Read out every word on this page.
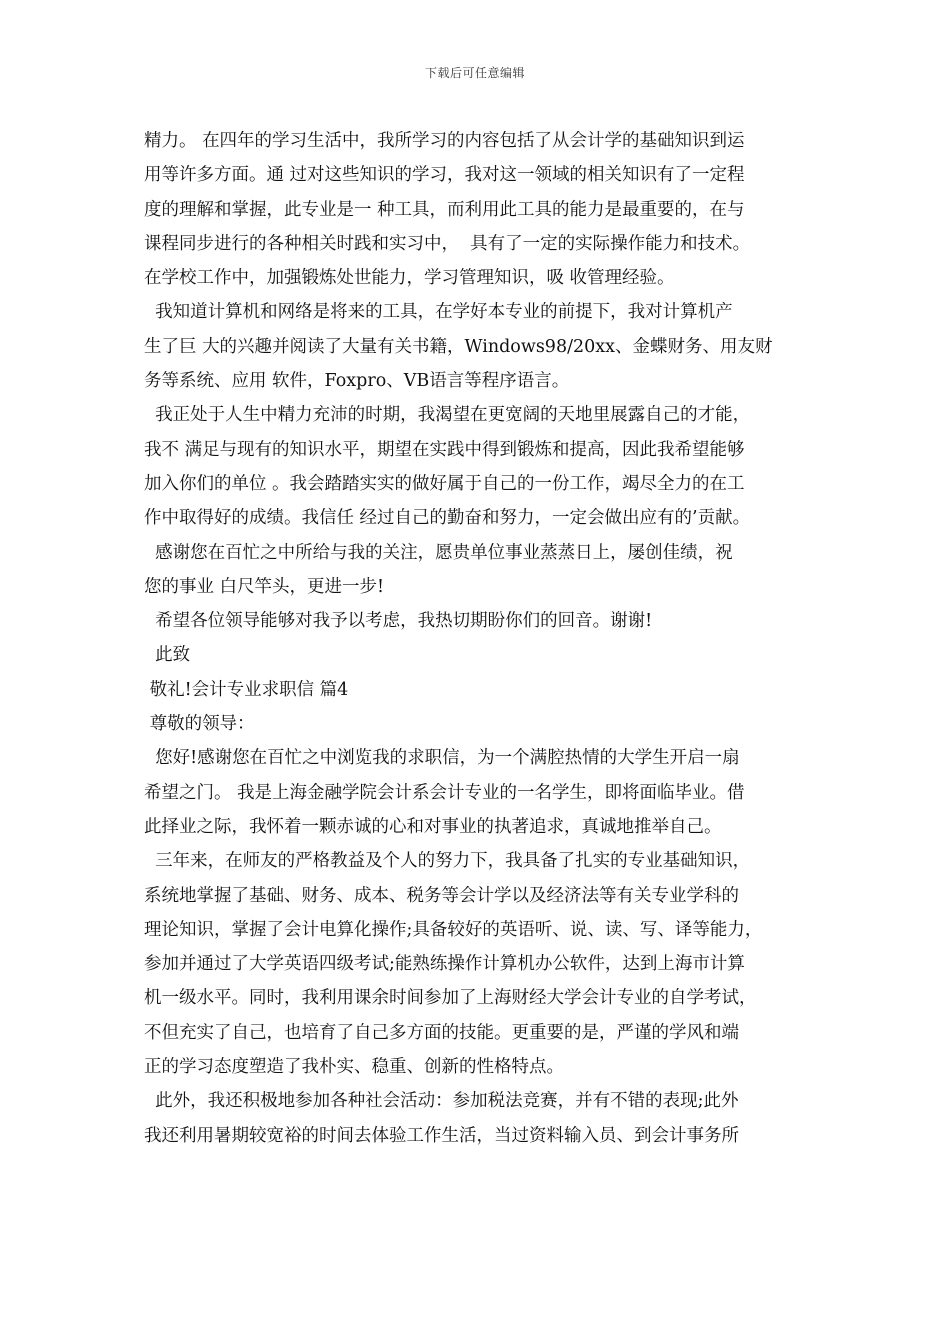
下载后可任意编辑
精力。 在四年的学习生活中，我所学习的内容包括了从会计学的基础知识到运
用等许多方面。通 过对这些知识的学习，我对这一领域的相关知识有了一定程
度的理解和掌握，此专业是一 种工具，而利用此工具的能力是最重要的，在与
课程同步进行的各种相关时践和实习中，  具有了一定的实际操作能力和技术。
在学校工作中，加强锻炼处世能力，学习管理知识，吸 收管理经验。
我知道计算机和网络是将来的工具，在学好本专业的前提下，我对计算机产
生了巨 大的兴趣并阅读了大量有关书籍，Windows98/20xx、金蝶财务、用友财
务等系统、应用 软件，Foxpro、VB语言等程序语言。
我正处于人生中精力充沛的时期，我渴望在更宽阔的天地里展露自己的才能，
我不 满足与现有的知识水平，期望在实践中得到锻炼和提高，因此我希望能够
加入你们的单位 。我会踏踏实实的做好属于自己的一份工作，竭尽全力的在工
作中取得好的成绩。我信任 经过自己的勤奋和努力，一定会做出应有的’贡献。
感谢您在百忙之中所给与我的关注，愿贵单位事业蒸蒸日上，屡创佳绩，祝
您的事业 白尺竿头，更进一步!
希望各位领导能够对我予以考虑，我热切期盼你们的回音。谢谢!
此致
敬礼!会计专业求职信 篇4
尊敬的领导：
您好!感谢您在百忙之中浏览我的求职信，为一个满腔热情的大学生开启一扇
希望之门。 我是上海金融学院会计系会计专业的一名学生，即将面临毕业。借
此择业之际，我怀着一颗赤诚的心和对事业的执著追求，真诚地推举自己。
三年来，在师友的严格教益及个人的努力下，我具备了扎实的专业基础知识，
系统地掌握了基础、财务、成本、税务等会计学以及经济法等有关专业学科的
理论知识，掌握了会计电算化操作;具备较好的英语听、说、读、写、译等能力，
参加并通过了大学英语四级考试;能熟练操作计算机办公软件，达到上海市计算
机一级水平。同时，我利用课余时间参加了上海财经大学会计专业的自学考试，
不但充实了自己，也培育了自己多方面的技能。更重要的是，严谨的学风和端
正的学习态度塑造了我朴实、稳重、创新的性格特点。
此外，我还积极地参加各种社会活动：参加税法竞赛，并有不错的表现;此外
我还利用暑期较宽裕的时间去体验工作生活，当过资料输入员、到会计事务所
